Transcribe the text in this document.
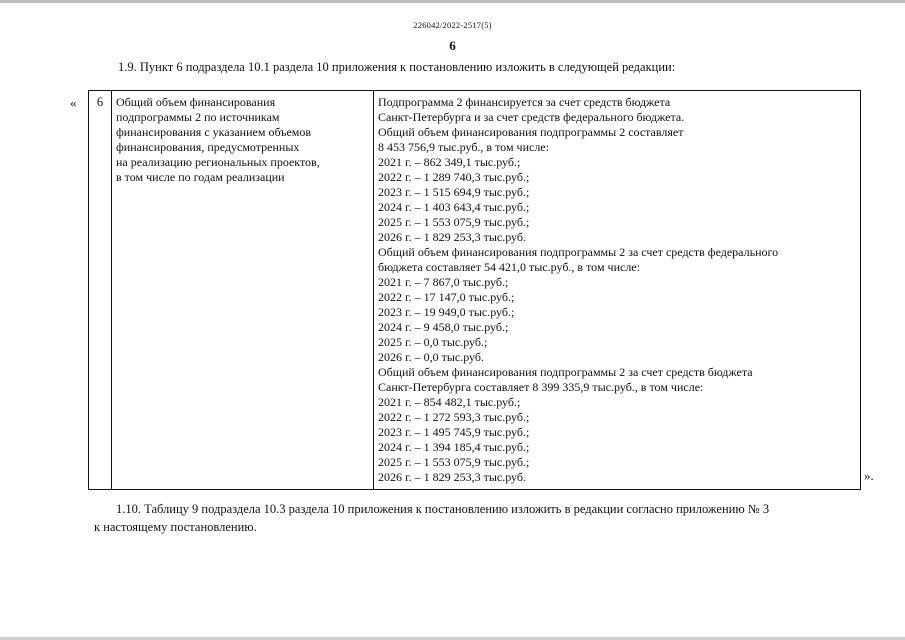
226042/2022-2517(5)
6
1.9. Пункт 6 подраздела 10.1 раздела 10 приложения к постановлению изложить в следующей редакции:
« 6	Общий объем финансирования
подпрограммы 2 по источникам
финансирования с указанием объемов
финансирования, предусмотренных
на реализацию региональных проектов,
в том числе по годам реализации

Подпрограмма 2 финансируется за счет средств бюджета
Санкт-Петербурга и за счет средств федерального бюджета.
Общий объем финансирования подпрограммы 2 составляет
8 453 756,9 тыс.руб., в том числе:
2021 г. – 862 349,1 тыс.руб.;
2022 г. – 1 289 740,3 тыс.руб.;
2023 г. – 1 515 694,9 тыс.руб.;
2024 г. – 1 403 643,4 тыс.руб.;
2025 г. – 1 553 075,9 тыс.руб.;
2026 г. – 1 829 253,3 тыс.руб.
Общий объем финансирования подпрограммы 2 за счет средств федерального
бюджета составляет 54 421,0 тыс.руб., в том числе:
2021 г. – 7 867,0 тыс.руб.;
2022 г. – 17 147,0 тыс.руб.;
2023 г. – 19 949,0 тыс.руб.;
2024 г. – 9 458,0 тыс.руб.;
2025 г. – 0,0 тыс.руб.;
2026 г. – 0,0 тыс.руб.
Общий объем финансирования подпрограммы 2 за счет средств бюджета
Санкт-Петербурга составляет 8 399 335,9 тыс.руб., в том числе:
2021 г. – 854 482,1 тыс.руб.;
2022 г. – 1 272 593,3 тыс.руб.;
2023 г. – 1 495 745,9 тыс.руб.;
2024 г. – 1 394 185,4 тыс.руб.;
2025 г. – 1 553 075,9 тыс.руб.;
2026 г. – 1 829 253,3 тыс.руб.	».
1.10. Таблицу 9 подраздела 10.3 раздела 10 приложения к постановлению изложить в редакции согласно приложению № 3
к настоящему постановлению.
